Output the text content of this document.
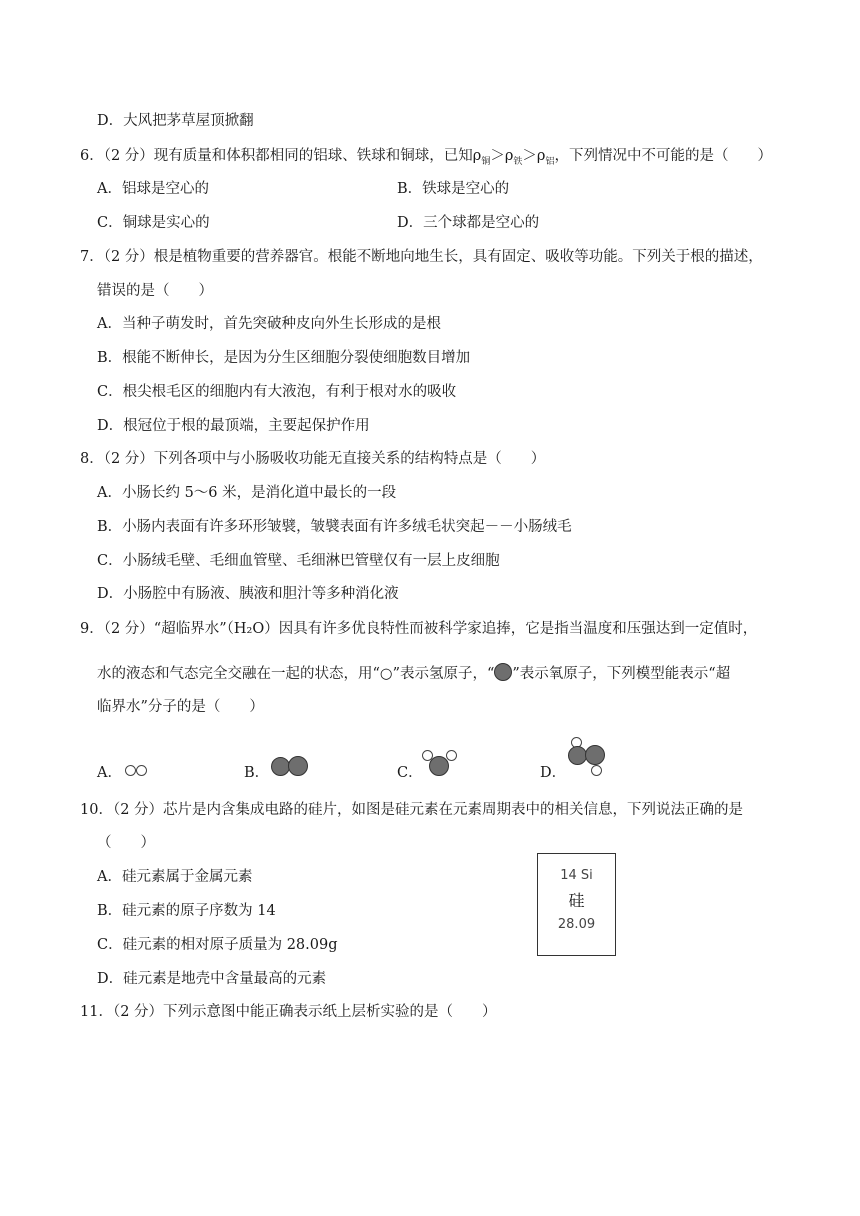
D．大风把茅草屋顶掀翻
6．（2 分）现有质量和体积都相同的铝球、铁球和铜球，已知$\rho_铜>\rho_铁>\rho_铝$，下列情况中不可能的是（　　）
A．铝球是空心的	B．铁球是空心的
C．铜球是实心的	D．三个球都是空心的
7．（2 分）根是植物重要的营养器官。根能不断地向地生长，具有固定、吸收等功能。下列关于根的描述，
错误的是（　　）
A．当种子萌发时，首先突破种皮向外生长形成的是根
B．根能不断伸长，是因为分生区细胞分裂使细胞数目增加
C．根尖根毛区的细胞内有大液泡，有利于根对水的吸收
D．根冠位于根的最顶端，主要起保护作用
8．（2 分）下列各项中与小肠吸收功能无直接关系的结构特点是（　　）
A．小肠长约 5～6 米，是消化道中最长的一段
B．小肠内表面有许多环形皱襞，皱襞表面有许多绒毛状突起－－小肠绒毛
C．小肠绒毛壁、毛细血管壁、毛细淋巴管壁仅有一层上皮细胞
D．小肠腔中有肠液、胰液和胆汁等多种消化液
9．（2 分）“超临界水”（H₂O）因具有许多优良特性而被科学家追捧，它是指当温度和压强达到一定值时，
水的液态和气态完全交融在一起的状态，用“○”表示氢原子，“ ”表示氧原子，下列模型能表示“超
临界水”分子的是（　　）
A．	B．	C．	D．
10．（2 分）芯片是内含集成电路的硅片，如图是硅元素在元素周期表中的相关信息，下列说法正确的是
（　　）
A．硅元素属于金属元素
B．硅元素的原子序数为 14
C．硅元素的相对原子质量为 28.09g
D．硅元素是地壳中含量最高的元素
14 Si
硅
28.09
11．（2 分）下列示意图中能正确表示纸上层析实验的是（　　）
